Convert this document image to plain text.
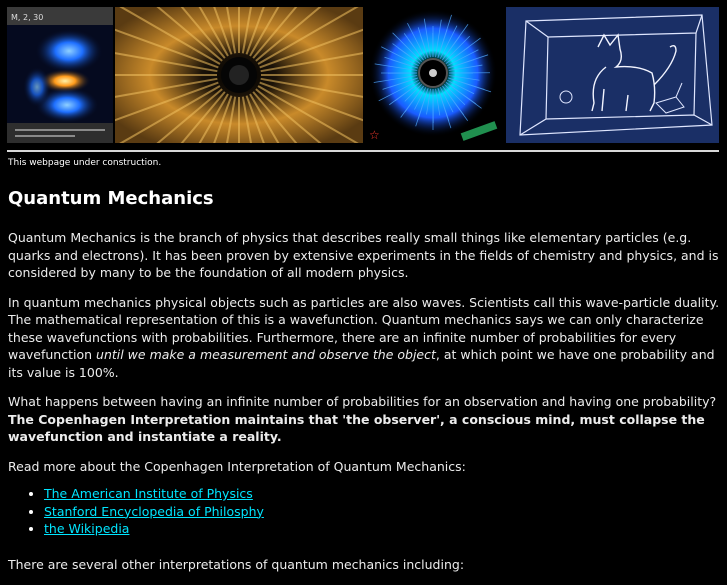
M, 2, 30
☆

This webpage under construction.

Quantum Mechanics

Quantum Mechanics is the branch of physics that describes really small things like elementary particles (e.g. quarks and electrons). It has been proven by extensive experiments in the fields of chemistry and physics, and is considered by many to be the foundation of all modern physics.

In quantum mechanics physical objects such as particles are also waves. Scientists call this wave-particle duality. The mathematical representation of this is a wavefunction. Quantum mechanics says we can only characterize these wavefunctions with probabilities. Furthermore, there are an infinite number of probabilities for every wavefunction until we make a measurement and observe the object, at which point we have one probability and its value is 100%.

What happens between having an infinite number of probabilities for an observation and having one probability? The Copenhagen Interpretation maintains that 'the observer', a conscious mind, must collapse the wavefunction and instantiate a reality.

Read more about the Copenhagen Interpretation of Quantum Mechanics:

• The American Institute of Physics
• Stanford Encyclopedia of Philosphy
• the Wikipedia

There are several other interpretations of quantum mechanics including:
